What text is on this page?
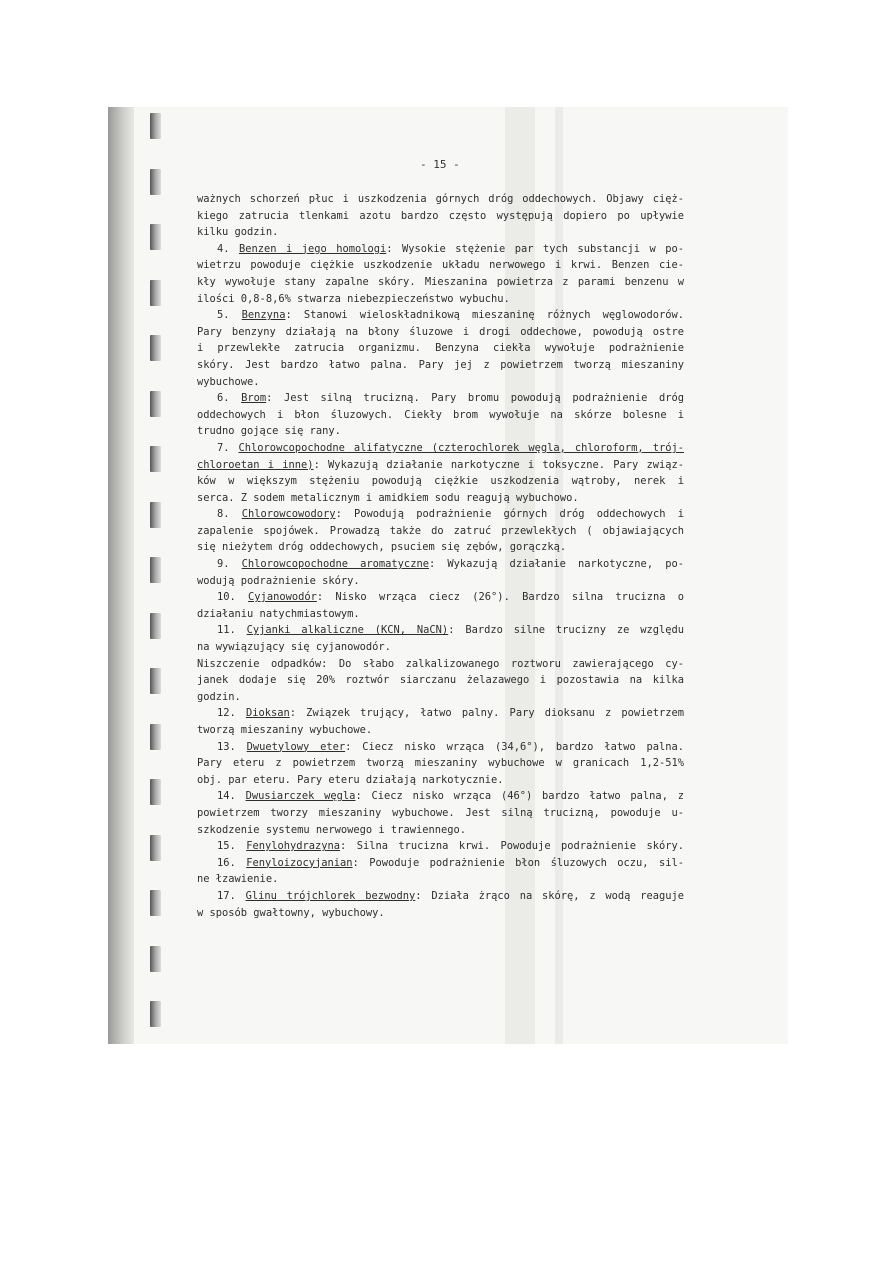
- 15 -
ważnych schorzeń płuc i uszkodzenia górnych dróg oddechowych. Objawy cięż-
kiego zatrucia tlenkami azotu bardzo często występują dopiero po upływie
kilku godzin.
4. Benzen i jego homologi: Wysokie stężenie par tych substancji w po-
wietrzu powoduje ciężkie uszkodzenie układu nerwowego i krwi. Benzen cie-
kły wywołuje stany zapalne skóry. Mieszanina powietrza z parami benzenu w
ilości 0,8-8,6% stwarza niebezpieczeństwo wybuchu.
5. Benzyna: Stanowi wieloskładnikową mieszaninę różnych węglowodorów.
Pary benzyny działają na błony śluzowe i drogi oddechowe, powodują ostre
i przewlekłe zatrucia organizmu. Benzyna ciekła wywołuje podrażnienie
skóry. Jest bardzo łatwo palna. Pary jej z powietrzem tworzą mieszaniny
wybuchowe.
6. Brom: Jest silną trucizną. Pary bromu powodują podrażnienie dróg
oddechowych i błon śluzowych. Ciekły brom wywołuje na skórze bolesne i
trudno gojące się rany.
7. Chlorowcopochodne alifatyczne (czterochlorek węgla, chloroform, trój-
chloroetan i inne): Wykazują działanie narkotyczne i toksyczne. Pary związ-
ków w większym stężeniu powodują ciężkie uszkodzenia wątroby, nerek i
serca. Z sodem metalicznym i amidkiem sodu reagują wybuchowo.
8. Chlorowcowodory: Powodują podrażnienie górnych dróg oddechowych i
zapalenie spojówek. Prowadzą także do zatruć przewlekłych ( objawiających
się nieżytem dróg oddechowych, psuciem się zębów, gorączką.
9. Chlorowcopochodne aromatyczne: Wykazują działanie narkotyczne, po-
wodują podrażnienie skóry.
10. Cyjanowodór: Nisko wrząca ciecz (26°). Bardzo silna trucizna o
działaniu natychmiastowym.
11. Cyjanki alkaliczne (KCN, NaCN): Bardzo silne trucizny ze względu
na wywiązujący się cyjanowodór.
Niszczenie odpadków: Do słabo zalkalizowanego roztworu zawierającego cy-
janek dodaje się 20% roztwór siarczanu żelazawego i pozostawia na kilka
godzin.
12. Dioksan: Związek trujący, łatwo palny. Pary dioksanu z powietrzem
tworzą mieszaniny wybuchowe.
13. Dwuetylowy eter: Ciecz nisko wrząca (34,6°), bardzo łatwo palna.
Pary eteru z powietrzem tworzą mieszaniny wybuchowe w granicach 1,2-51%
obj. par eteru. Pary eteru działają narkotycznie.
14. Dwusiarczek węgla: Ciecz nisko wrząca (46°) bardzo łatwo palna, z
powietrzem tworzy mieszaniny wybuchowe. Jest silną trucizną, powoduje u-
szkodzenie systemu nerwowego i trawiennego.
15. Fenylohydrazyna: Silna trucizna krwi. Powoduje podrażnienie skóry.
16. Fenyloizocyjanian: Powoduje podrażnienie błon śluzowych oczu, sil-
ne łzawienie.
17. Glinu trójchlorek bezwodny: Działa żrąco na skórę, z wodą reaguje
w sposób gwałtowny, wybuchowy.
